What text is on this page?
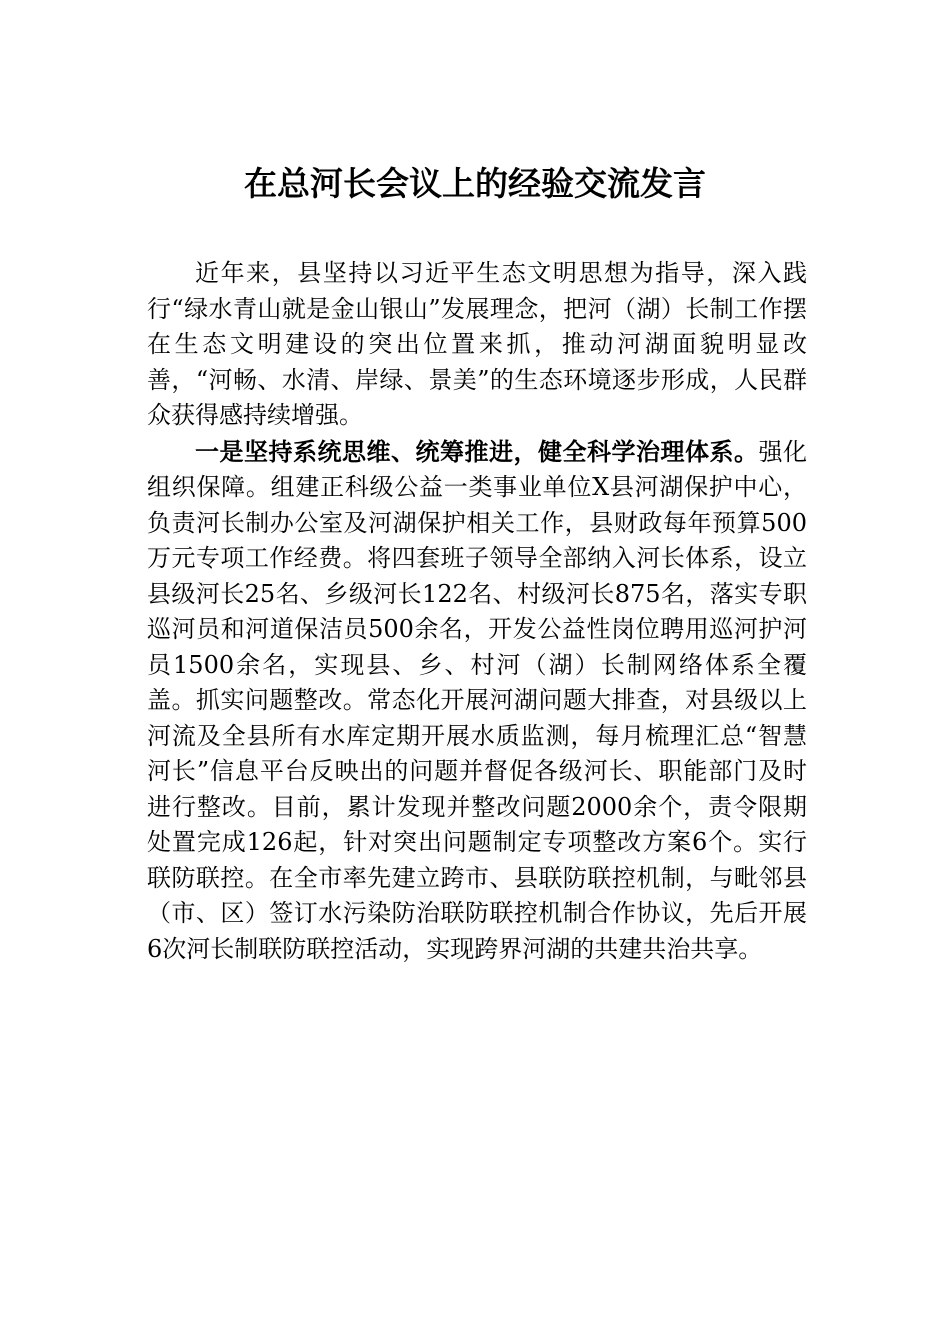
在总河长会议上的经验交流发言

近年来，县坚持以习近平生态文明思想为指导，深入践行“绿水青山就是金山银山”发展理念，把河（湖）长制工作摆在生态文明建设的突出位置来抓，推动河湖面貌明显改善，“河畅、水清、岸绿、景美”的生态环境逐步形成，人民群众获得感持续增强。

一是坚持系统思维、统筹推进，健全科学治理体系。强化组织保障。组建正科级公益一类事业单位X县河湖保护中心，负责河长制办公室及河湖保护相关工作，县财政每年预算500万元专项工作经费。将四套班子领导全部纳入河长体系，设立县级河长25名、乡级河长122名、村级河长875名，落实专职巡河员和河道保洁员500余名，开发公益性岗位聘用巡河护河员1500余名，实现县、乡、村河（湖）长制网络体系全覆盖。抓实问题整改。常态化开展河湖问题大排查，对县级以上河流及全县所有水库定期开展水质监测，每月梳理汇总“智慧河长”信息平台反映出的问题并督促各级河长、职能部门及时进行整改。目前，累计发现并整改问题2000余个，责令限期处置完成126起，针对突出问题制定专项整改方案6个。实行联防联控。在全市率先建立跨市、县联防联控机制，与毗邻县（市、区）签订水污染防治联防联控机制合作协议，先后开展6次河长制联防联控活动，实现跨界河湖的共建共治共享。
